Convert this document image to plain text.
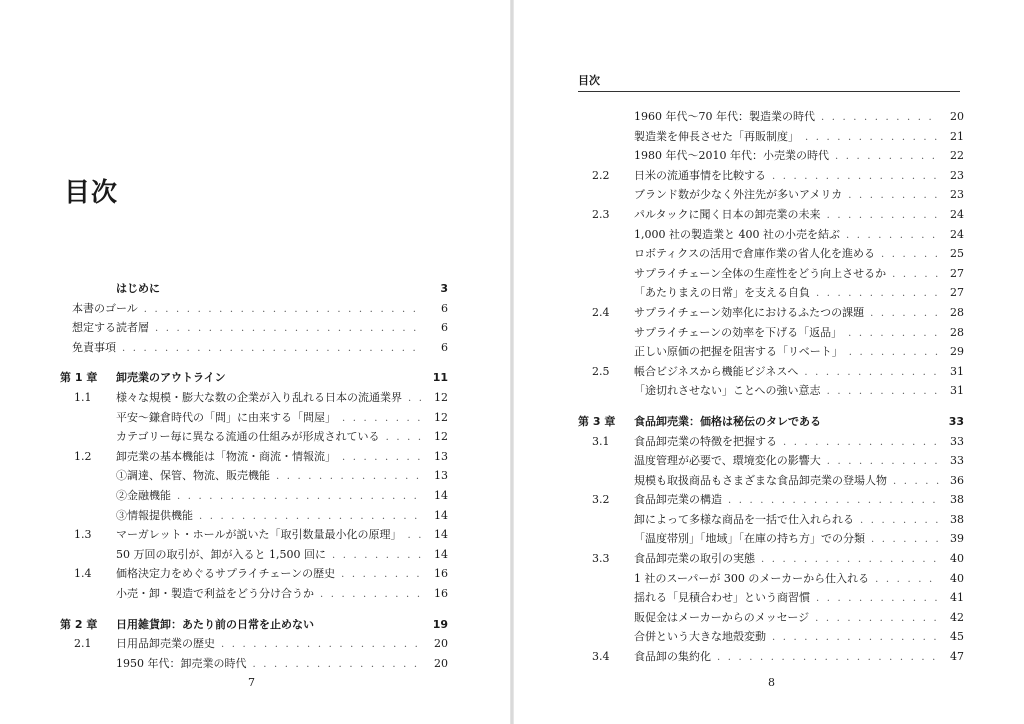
目次
はじめに	3
本書のゴール . . .	6
想定する読者層 . . .	6
免責事項 . . .	6
第 1 章	卸売業のアウトライン	11
1.1	様々な規模・膨大な数の企業が入り乱れる日本の流通業界 . . .	12
平安～鎌倉時代の「問」に由来する「問屋」 . . .	12
カテゴリー毎に異なる流通の仕組みが形成されている . . .	12
1.2	卸売業の基本機能は「物流・商流・情報流」 . . .	13
①調達、保管、物流、販売機能 . . .	13
②金融機能 . . .	14
③情報提供機能 . . .	14
1.3	マーガレット・ホールが説いた「取引数量最小化の原理」 . . .	14
50 万回の取引が、卸が入ると 1,500 回に . . .	14
1.4	価格決定力をめぐるサプライチェーンの歴史 . . .	16
小売・卸・製造で利益をどう分け合うか . . .	16
第 2 章	日用雑貨卸：あたり前の日常を止めない	19
2.1	日用品卸売業の歴史 . . .	20
1950 年代：卸売業の時代 . . .	20
7
目次
1960 年代～70 年代：製造業の時代 . . .	20
製造業を伸長させた「再販制度」 . . .	21
1980 年代～2010 年代：小売業の時代 . . .	22
2.2	日米の流通事情を比較する . . .	23
ブランド数が少なく外注先が多いアメリカ . . .	23
2.3	パルタックに聞く日本の卸売業の未来 . . .	24
1,000 社の製造業と 400 社の小売を結ぶ . . .	24
ロボティクスの活用で倉庫作業の省人化を進める . . .	25
サプライチェーン全体の生産性をどう向上させるか . . .	27
「あたりまえの日常」を支える自負 . . .	27
2.4	サプライチェーン効率化におけるふたつの課題 . . .	28
サプライチェーンの効率を下げる「返品」 . . .	28
正しい原価の把握を阻害する「リベート」 . . .	29
2.5	帳合ビジネスから機能ビジネスへ . . .	31
「途切れさせない」ことへの強い意志 . . .	31
第 3 章	食品卸売業：価格は秘伝のタレである	33
3.1	食品卸売業の特徴を把握する . . .	33
温度管理が必要で、環境変化の影響大 . . .	33
規模も取扱商品もさまざまな食品卸売業の登場人物 . . .	36
3.2	食品卸売業の構造 . . .	38
卸によって多様な商品を一括で仕入れられる . . .	38
「温度帯別」「地域」「在庫の持ち方」での分類 . . .	39
3.3	食品卸売業の取引の実態 . . .	40
1 社のスーパーが 300 のメーカーから仕入れる . . .	40
揺れる「見積合わせ」という商習慣 . . .	41
販促金はメーカーからのメッセージ . . .	42
合併という大きな地殻変動 . . .	45
3.4	食品卸の集約化 . . .	47
8
